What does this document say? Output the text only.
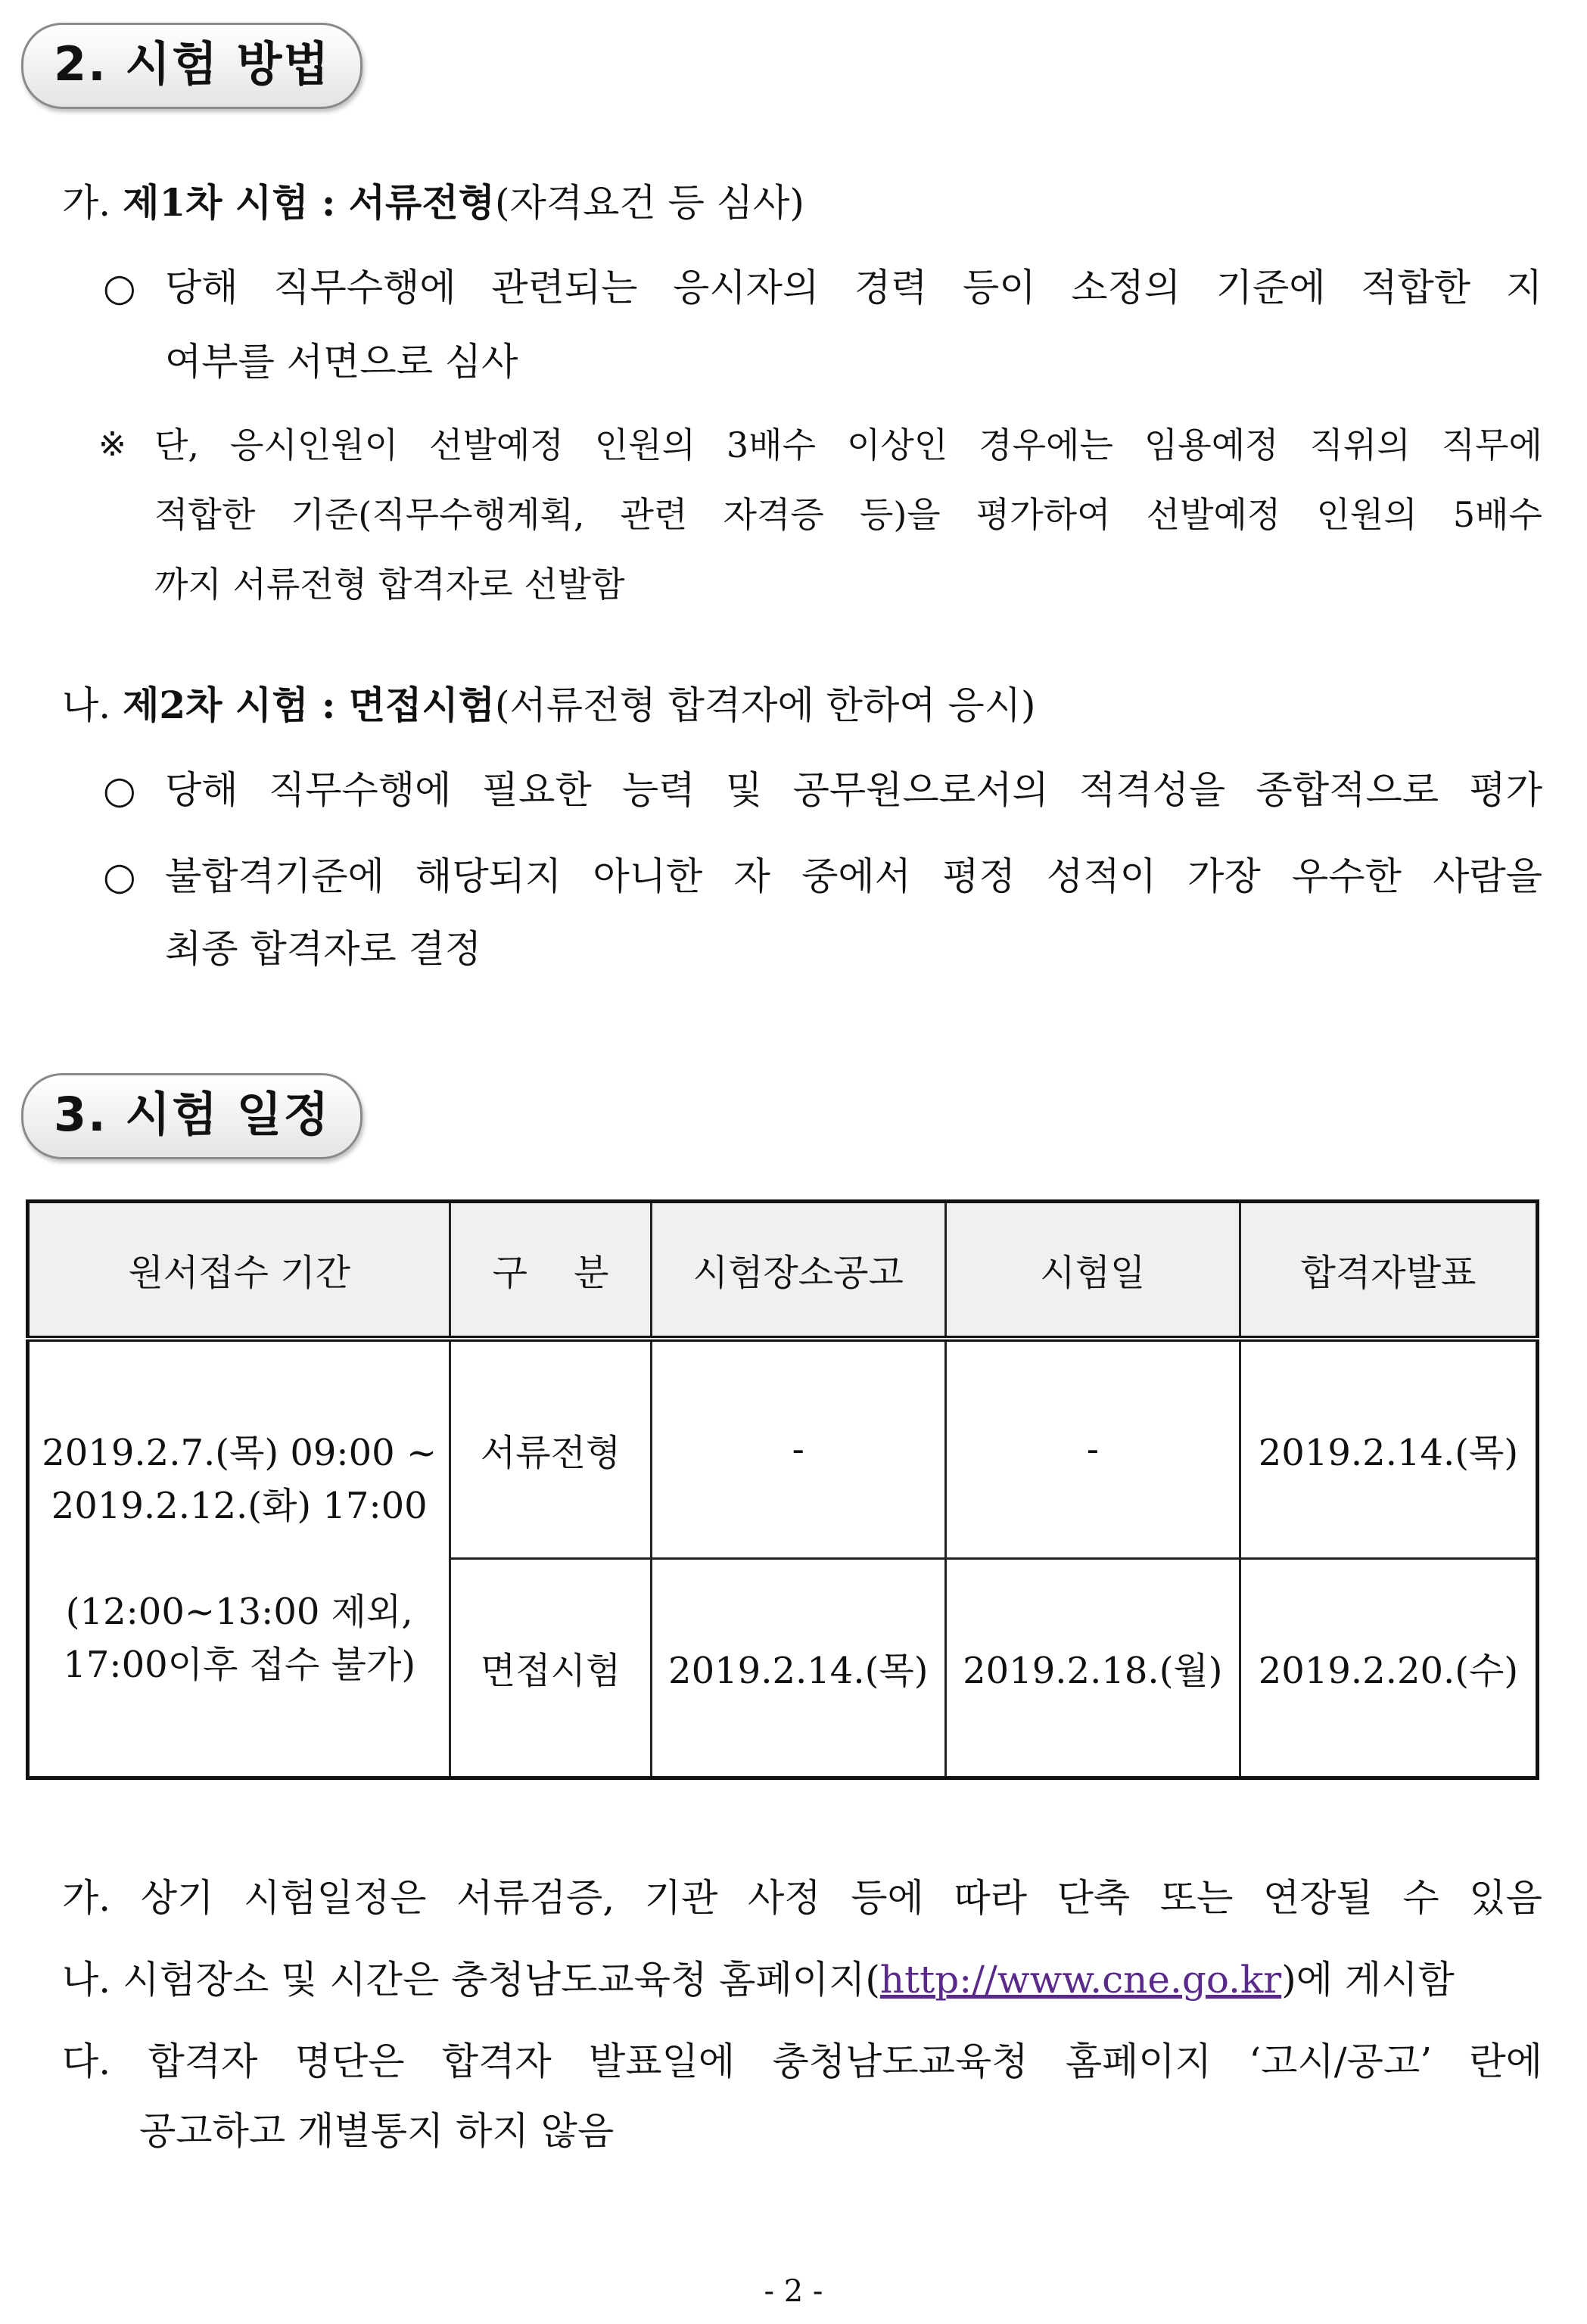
2. 시험 방법
가. 제1차 시험 : 서류전형(자격요건 등 심사)
○ 당해 직무수행에 관련되는 응시자의 경력 등이 소정의 기준에 적합한 지
여부를 서면으로 심사
※ 단, 응시인원이 선발예정 인원의 3배수 이상인 경우에는 임용예정 직위의 직무에
적합한 기준(직무수행계획, 관련 자격증 등)을 평가하여 선발예정 인원의 5배수
까지 서류전형 합격자로 선발함
나. 제2차 시험 : 면접시험(서류전형 합격자에 한하여 응시)
○ 당해 직무수행에 필요한 능력 및 공무원으로서의 적격성을 종합적으로 평가
○ 불합격기준에 해당되지 아니한 자 중에서 평정 성적이 가장 우수한 사람을
최종 합격자로 결정
3. 시험 일정
원서접수 기간	구    분	시험장소공고	시험일	합격자발표

2019.2.7.(목) 09:00 ~
2019.2.12.(화) 17:00
(12:00~13:00 제외,
17:00이후 접수 불가)	서류전형	-	-	2019.2.14.(목)
	면접시험	2019.2.14.(목)	2019.2.18.(월)	2019.2.20.(수)
가. 상기 시험일정은 서류검증, 기관 사정 등에 따라 단축 또는 연장될 수 있음
나. 시험장소 및 시간은 충청남도교육청 홈페이지(http://www.cne.go.kr)에 게시함
다. 합격자 명단은 합격자 발표일에 충청남도교육청 홈페이지 ‘고시/공고’ 란에
공고하고 개별통지 하지 않음
- 2 -
